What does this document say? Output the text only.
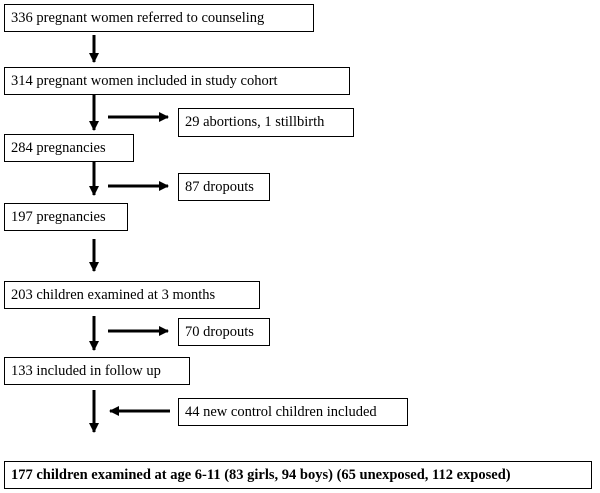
336 pregnant women referred to counseling
314 pregnant women included in study cohort
29 abortions, 1 stillbirth
284 pregnancies
87 dropouts
197 pregnancies
203 children examined at 3 months
70 dropouts
133 included in follow up
44 new control children included
177 children examined at age 6-11 (83 girls, 94 boys) (65 unexposed, 112 exposed)
